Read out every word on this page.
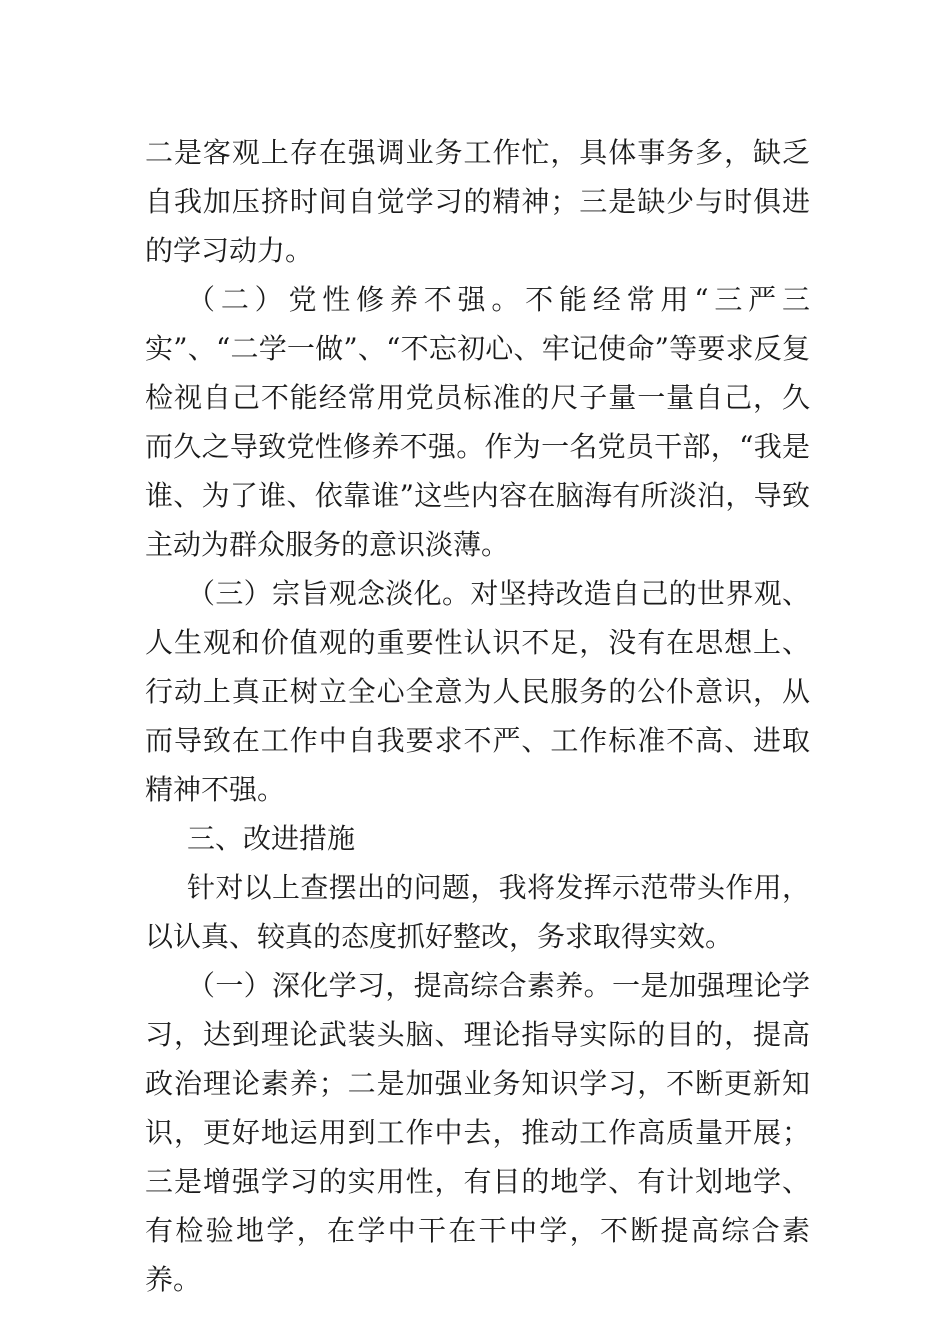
二是客观上存在强调业务工作忙，具体事务多，缺乏自我加压挤时间自觉学习的精神；三是缺少与时俱进的学习动力。

（二）党性修养不强。不能经常用“三严三实”、“二学一做”、“不忘初心、牢记使命”等要求反复检视自己不能经常用党员标准的尺子量一量自己，久而久之导致党性修养不强。作为一名党员干部，“我是谁、为了谁、依靠谁”这些内容在脑海有所淡泊，导致主动为群众服务的意识淡薄。

（三）宗旨观念淡化。对坚持改造自己的世界观、人生观和价值观的重要性认识不足，没有在思想上、行动上真正树立全心全意为人民服务的公仆意识，从而导致在工作中自我要求不严、工作标准不高、进取精神不强。

三、改进措施

针对以上查摆出的问题，我将发挥示范带头作用，以认真、较真的态度抓好整改，务求取得实效。

（一）深化学习，提高综合素养。一是加强理论学习，达到理论武装头脑、理论指导实际的目的，提高政治理论素养；二是加强业务知识学习，不断更新知识，更好地运用到工作中去，推动工作高质量开展；三是增强学习的实用性，有目的地学、有计划地学、有检验地学，在学中干在干中学，不断提高综合素养。
